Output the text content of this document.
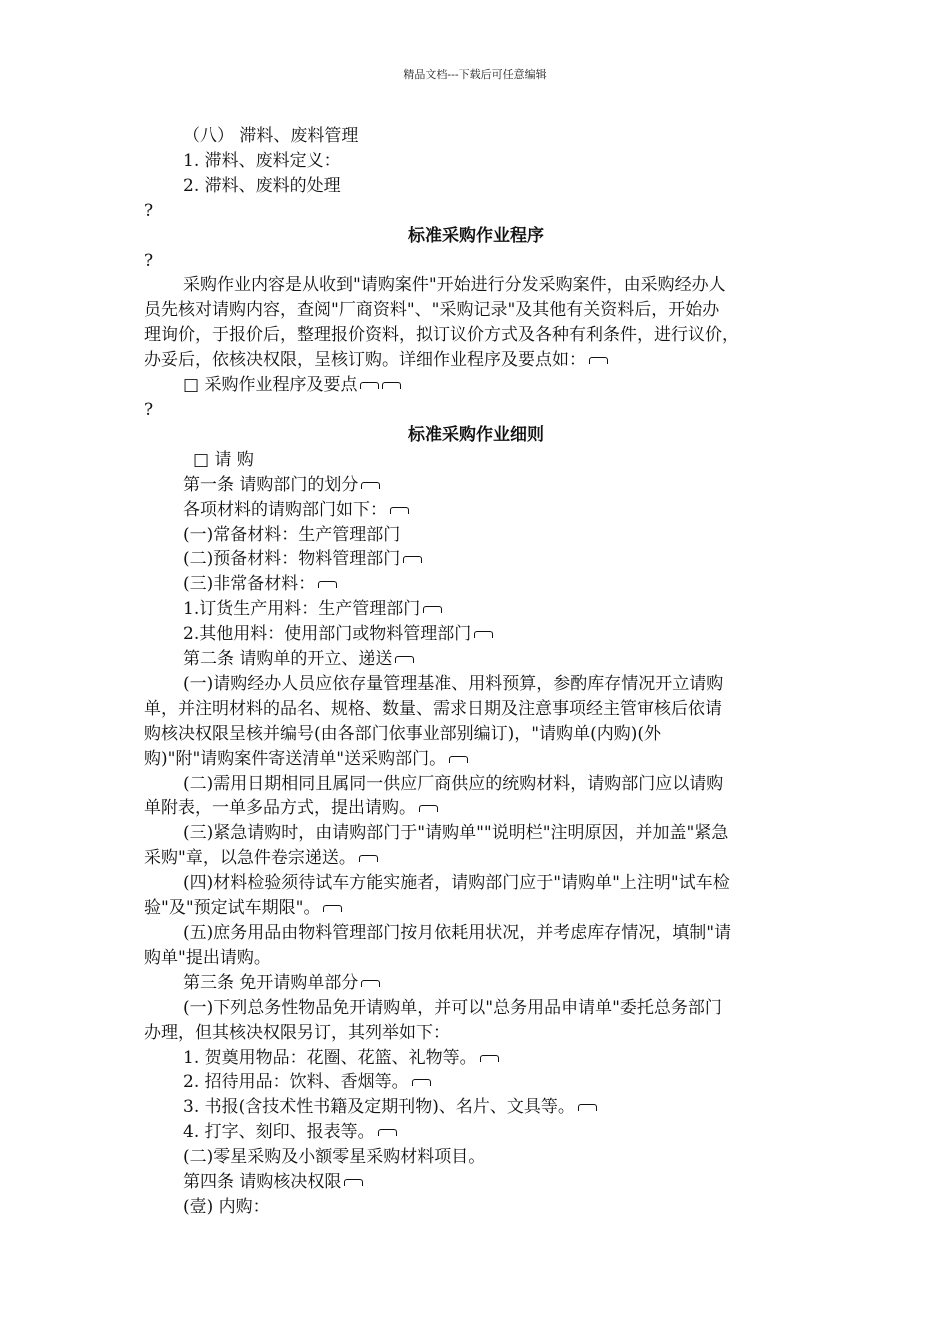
精品文档---下载后可任意编辑

（八） 滞料、废料管理

1. 滞料、废料定义：

2. 滞料、废料的处理

?

标准采购作业程序

?

采购作业内容是从收到"请购案件"开始进行分发采购案件，由采购经办人

员先核对请购内容，查阅"厂商资料"、"采购记录"及其他有关资料后，开始办

理询价，于报价后，整理报价资料，拟订议价方式及各种有利条件，进行议价，

办妥后，依核决权限，呈核订购。详细作业程序及要点如：

□ 采购作业程序及要点

?

标准采购作业细则

□ 请 购

第一条 请购部门的划分

各项材料的请购部门如下：

(一)常备材料：生产管理部门

(二)预备材料：物料管理部门

(三)非常备材料：

1.订货生产用料：生产管理部门

2.其他用料：使用部门或物料管理部门

第二条 请购单的开立、递送

(一)请购经办人员应依存量管理基准、用料预算，参酌库存情况开立请购

单，并注明材料的品名、规格、数量、需求日期及注意事项经主管审核后依请

购核决权限呈核并编号(由各部门依事业部别编订)，"请购单(内购)(外

购)"附"请购案件寄送清单"送采购部门。

(二)需用日期相同且属同一供应厂商供应的统购材料，请购部门应以请购

单附表，一单多品方式，提出请购。

(三)紧急请购时，由请购部门于"请购单""说明栏"注明原因，并加盖"紧急

采购"章，以急件卷宗递送。

(四)材料检验须待试车方能实施者，请购部门应于"请购单"上注明"试车检

验"及"预定试车期限"。

(五)庶务用品由物料管理部门按月依耗用状况，并考虑库存情况，填制"请

购单"提出请购。

第三条 免开请购单部分

(一)下列总务性物品免开请购单，并可以"总务用品申请单"委托总务部门

办理，但其核决权限另订，其列举如下：

1. 贺奠用物品：花圈、花篮、礼物等。

2. 招待用品：饮料、香烟等。

3. 书报(含技术性书籍及定期刊物)、名片、文具等。

4. 打字、刻印、报表等。

(二)零星采购及小额零星采购材料项目。

第四条 请购核决权限

(壹) 内购：
